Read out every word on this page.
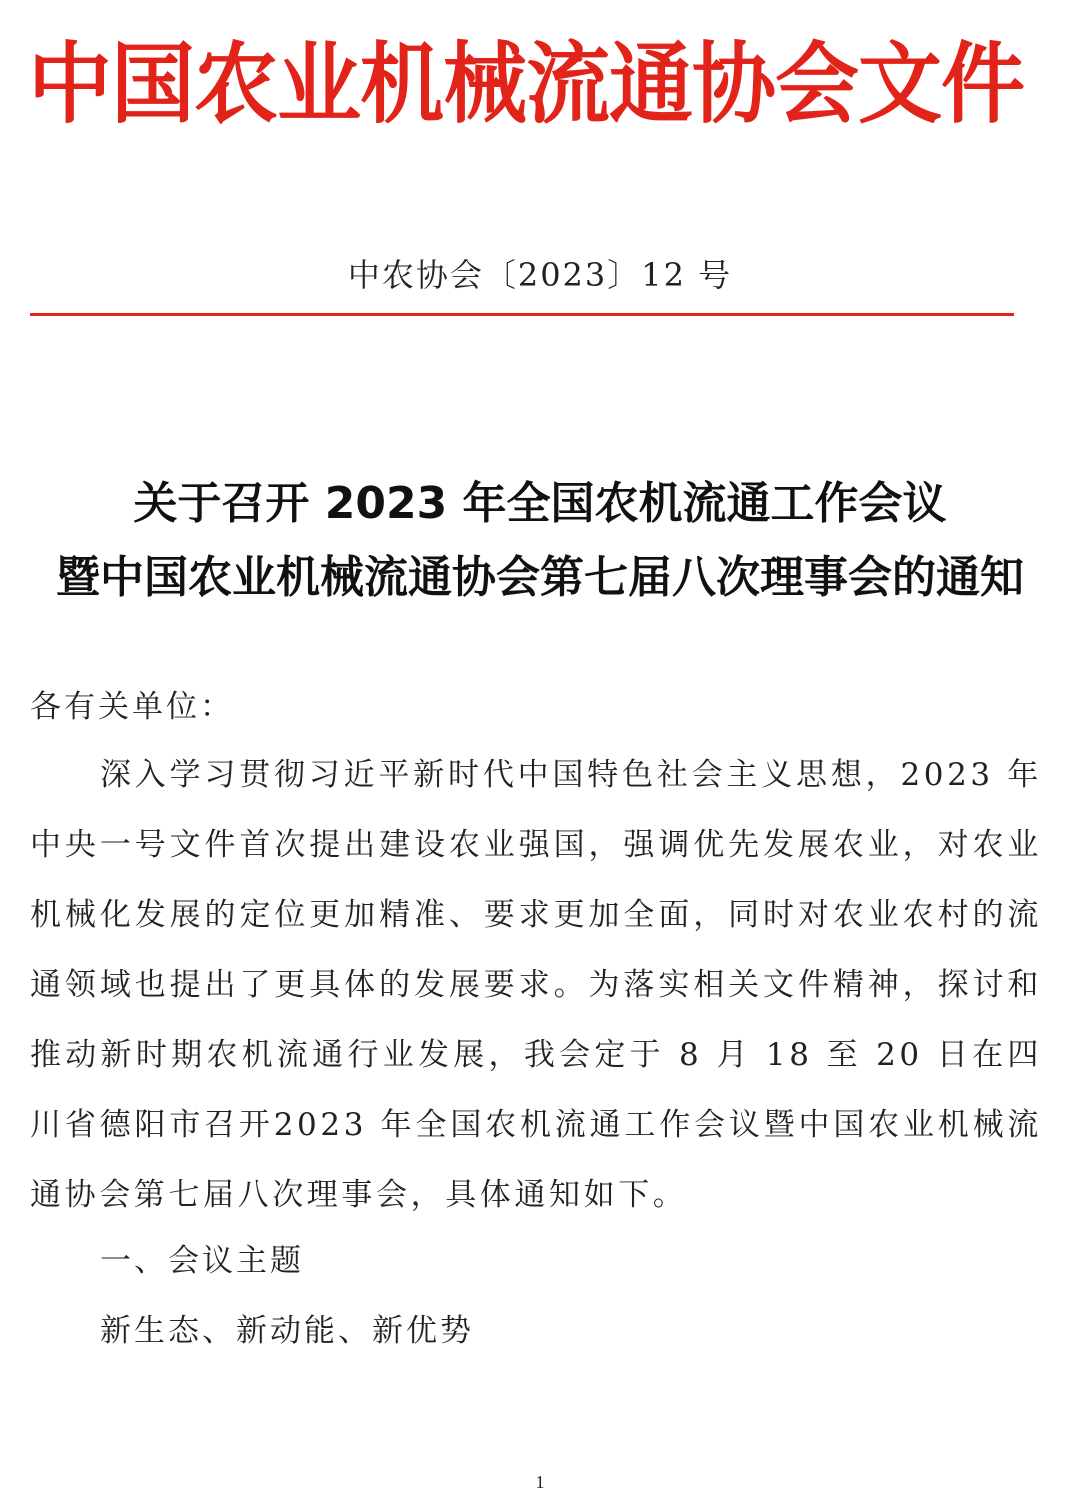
中国农业机械流通协会文件
中农协会〔2023〕12 号
关于召开 2023 年全国农机流通工作会议
暨中国农业机械流通协会第七届八次理事会的通知
各有关单位：
深入学习贯彻习近平新时代中国特色社会主义思想，2023 年中央一号文件首次提出建设农业强国，强调优先发展农业，对农业机械化发展的定位更加精准、要求更加全面，同时对农业农村的流通领域也提出了更具体的发展要求。为落实相关文件精神，探讨和推动新时期农机流通行业发展，我会定于 8 月 18 至 20 日在四川省德阳市召开2023 年全国农机流通工作会议暨中国农业机械流通协会第七届八次理事会，具体通知如下。
一、会议主题
新生态、新动能、新优势
1
